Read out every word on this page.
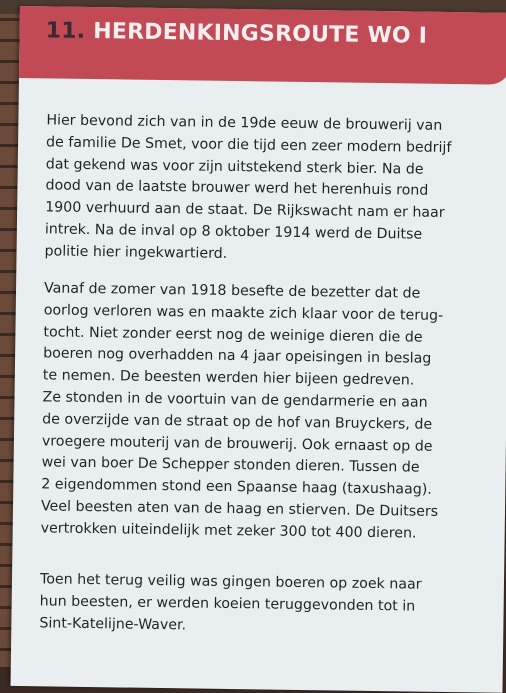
11. HERDENKINGSROUTE WO I
Hier bevond zich van in de 19de eeuw de brouwerij van
de familie De Smet, voor die tijd een zeer modern bedrijf
dat gekend was voor zijn uitstekend sterk bier. Na de
dood van de laatste brouwer werd het herenhuis rond
1900 verhuurd aan de staat. De Rijkswacht nam er haar
intrek. Na de inval op 8 oktober 1914 werd de Duitse
politie hier ingekwartierd.
Vanaf de zomer van 1918 besefte de bezetter dat de
oorlog verloren was en maakte zich klaar voor de terug-
tocht. Niet zonder eerst nog de weinige dieren die de
boeren nog overhadden na 4 jaar opeisingen in beslag
te nemen. De beesten werden hier bijeen gedreven.
Ze stonden in de voortuin van de gendarmerie en aan
de overzijde van de straat op de hof van Bruyckers, de
vroegere mouterij van de brouwerij. Ook ernaast op de
wei van boer De Schepper stonden dieren. Tussen de
2 eigendommen stond een Spaanse haag (taxushaag).
Veel beesten aten van de haag en stierven. De Duitsers
vertrokken uiteindelijk met zeker 300 tot 400 dieren.
Toen het terug veilig was gingen boeren op zoek naar
hun beesten, er werden koeien teruggevonden tot in
Sint-Katelijne-Waver.
